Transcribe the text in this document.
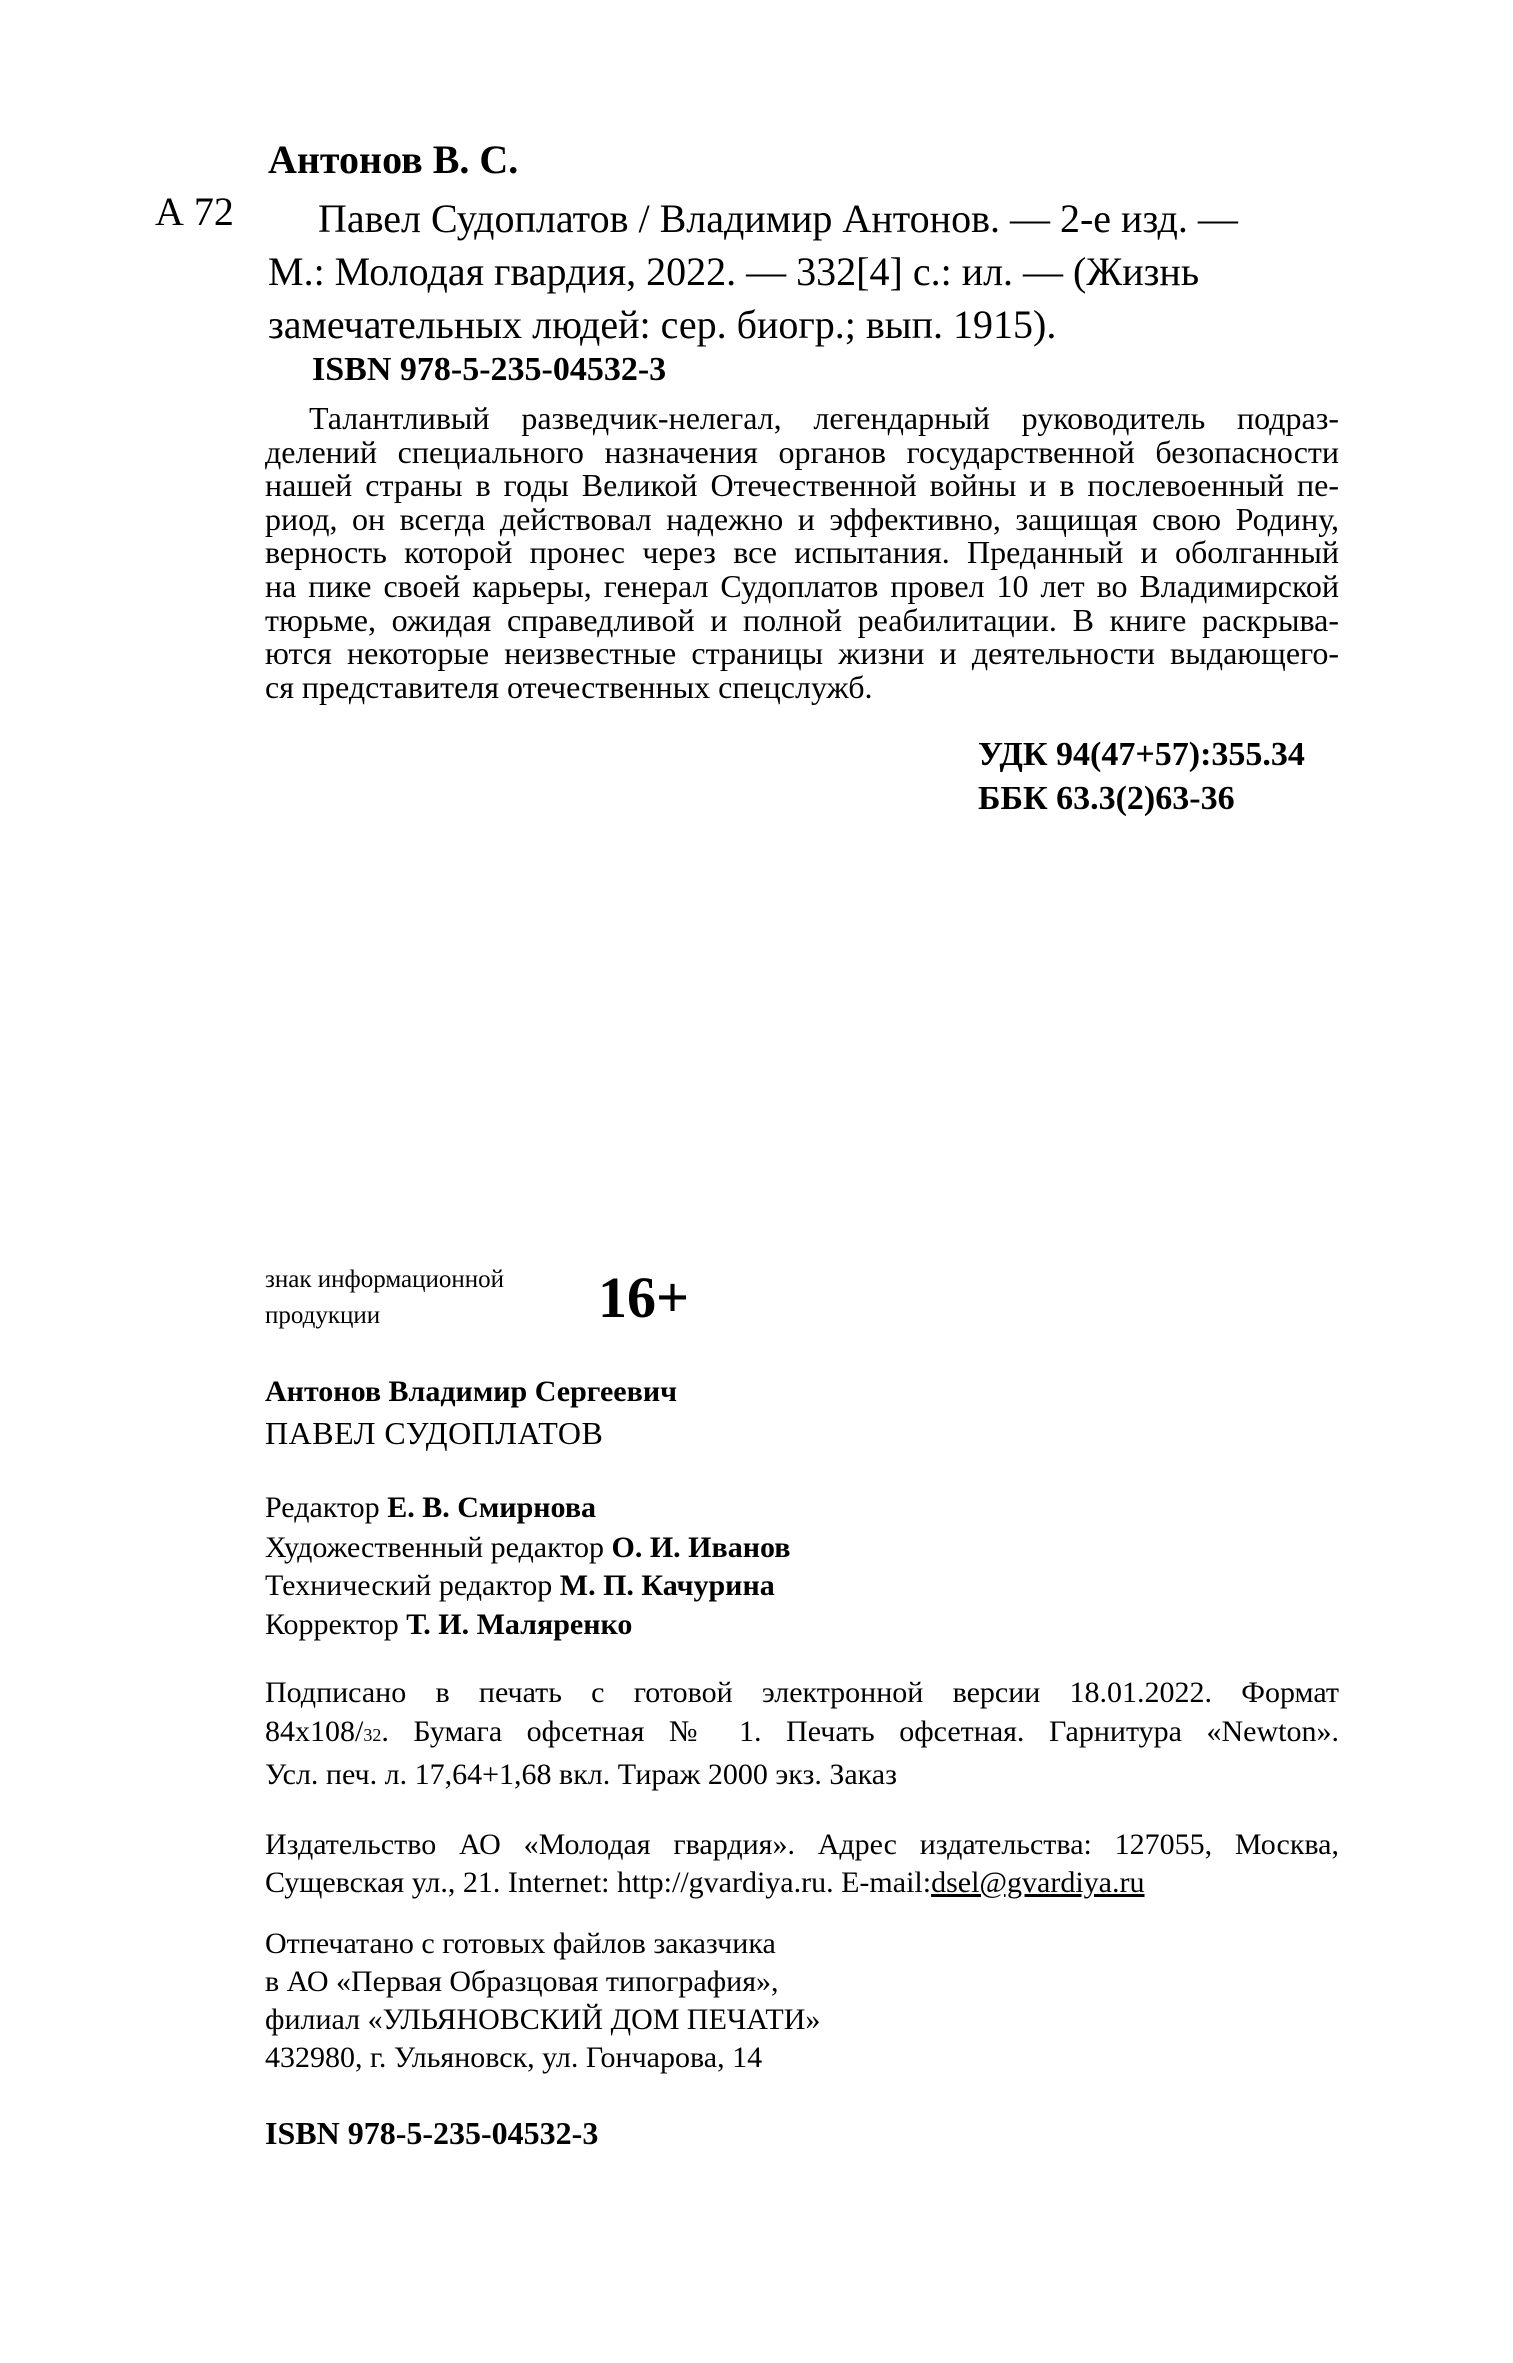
Антонов В. С.
А 72	Павел Судоплатов / Владимир Антонов. — 2-е изд. —
М.: Молодая гвардия, 2022. — 332[4] с.: ил. — (Жизнь
замечательных людей: сер. биогр.; вып. 1915).
ISBN 978-5-235-04532-3
Талантливый разведчик-нелегал, легендарный руководитель подраз-
делений специального назначения органов государственной безопасности
нашей страны в годы Великой Отечественной войны и в послевоенный пе-
риод, он всегда действовал надежно и эффективно, защищая свою Родину,
верность которой пронес через все испытания. Преданный и оболганный
на пике своей карьеры, генерал Судоплатов провел 10 лет во Владимирской
тюрьме, ожидая справедливой и полной реабилитации. В книге раскрыва-
ются некоторые неизвестные страницы жизни и деятельности выдающего-
ся представителя отечественных спецслужб.
УДК 94(47+57):355.34
ББК 63.3(2)63-36
знак информационной
продукции	16+
Антонов Владимир Сергеевич
ПАВЕЛ СУДОПЛАТОВ
Редактор Е. В. Смирнова
Художественный редактор О. И. Иванов
Технический редактор М. П. Качурина
Корректор Т. И. Маляренко
Подписано в печать с готовой электронной версии 18.01.2022. Формат
84х108/32. Бумага офсетная № 1. Печать офсетная. Гарнитура «Newton».
Усл. печ. л. 17,64+1,68 вкл. Тираж 2000 экз. Заказ
Издательство АО «Молодая гвардия». Адрес издательства: 127055, Москва,
Сущевская ул., 21. Internet: http://gvardiya.ru. E-mail:dsel@gvardiya.ru
Отпечатано с готовых файлов заказчика
в АО «Первая Образцовая типография»,
филиал «УЛЬЯНОВСКИЙ ДОМ ПЕЧАТИ»
432980, г. Ульяновск, ул. Гончарова, 14
ISBN 978-5-235-04532-3
